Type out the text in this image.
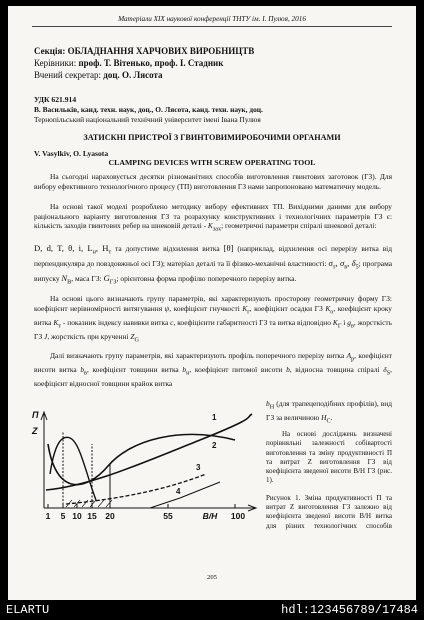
Матеріали XIX наукової конференції ТНТУ ім. І. Пулюя, 2016
Секція: ОБЛАДНАННЯ ХАРЧОВИХ ВИРОБНИЦТВ
Керівники: проф. Т. Вітенько, проф. І. Стадник
Вчений секретар: доц. О. Лясота
УДК 621.914
В. Васильків, канд. техн. наук, доц., О. Лясота, канд. техн. наук, доц.
Тернопільський національний технічний університет імені Івана Пулюя
ЗАТИСКНІ ПРИСТРОЇ З ГВИНТОВИМИРОБОЧИМИ ОРГАНАМИ
V. Vasylkiv, O. Lyasota
CLAMPING DEVICES WITH SCREW OPERATING TOOL
На сьогодні нараховується десятки різноманітних способів виготовлення гвинтових заготовок (ГЗ). Для вибору ефективного технологічного процесу (ТП) виготовлення ГЗ нами запропоновано математичну модель.
На основі такої моделі розроблено методику вибору ефективних ТП. Вихідними даними для вибору раціонального варіанту виготовлення ГЗ та розрахунку конструктивних і технологічних параметрів ГЗ є: кількість заходів гвинтових ребер на шнековій деталі - $K_{зах}$; геометричні параметри спіралі шнекової деталі:
D, d, T, θ, i, $L_н$, $H_т$ та допустиме відхилення витка [θ] (наприклад, відхилення осі перерізу витка від перпендикуляра до повздовжньої осі ГЗ); матеріал деталі та її фізико-механічні властивості: $\sigma_т$, $\sigma_в$, $\delta_5$; програма випуску $N_В$, маса ГЗ: $G_{ГЗ}$; орієнтовна форма профілю поперечного перерізу витка.
На основі цього визначають групу параметрів, які характеризують просторову геометричну форму ГЗ: коефіцієнт нерівномірності витягування ψ, коефіцієнт гнучкості $K_г$, коефіцієнт осадки ГЗ $K_о$, коефіцієнт кроку витка $K_т$ - показник індексу навивки витка с, коефіцієнти габаритності ГЗ та витка відповідно $K_Г$ і $g_в$, жорсткість ГЗ J, жорсткість при крученні $Z_G$
Далі визначають групу параметрів, які характеризують профіль поперечного перерізу витка $A_р$, коефіцієнт висоти витка $b_в$, коефіцієнт товщини витка $b_н$, коефіцієнт питомої висоти b, відносна товщина спіралі $\delta_S$, коефіцієнт відносної товщини крайок витка
$b_H$ (для трапецеподібних профілів), вид ГЗ за величиною $H_C$.
На основі досліджень визначені порівняльні залежності собівартості виготовлення та зміну продуктивності П та витрат Z виготовлення ГЗ від коефіцієнта зведеної висоти B/H ГЗ (рис. 1).
П
Z
1
2
3
4
1 5 10 15 20	55	B/H 100
Рисунок 1. Зміна продуктивності П та витрат Z виготовлення ГЗ залежно від коефіцієнта зведеної висоти B/H витка для різних технологічних способів
205
ELARTU	hdl:123456789/17484
